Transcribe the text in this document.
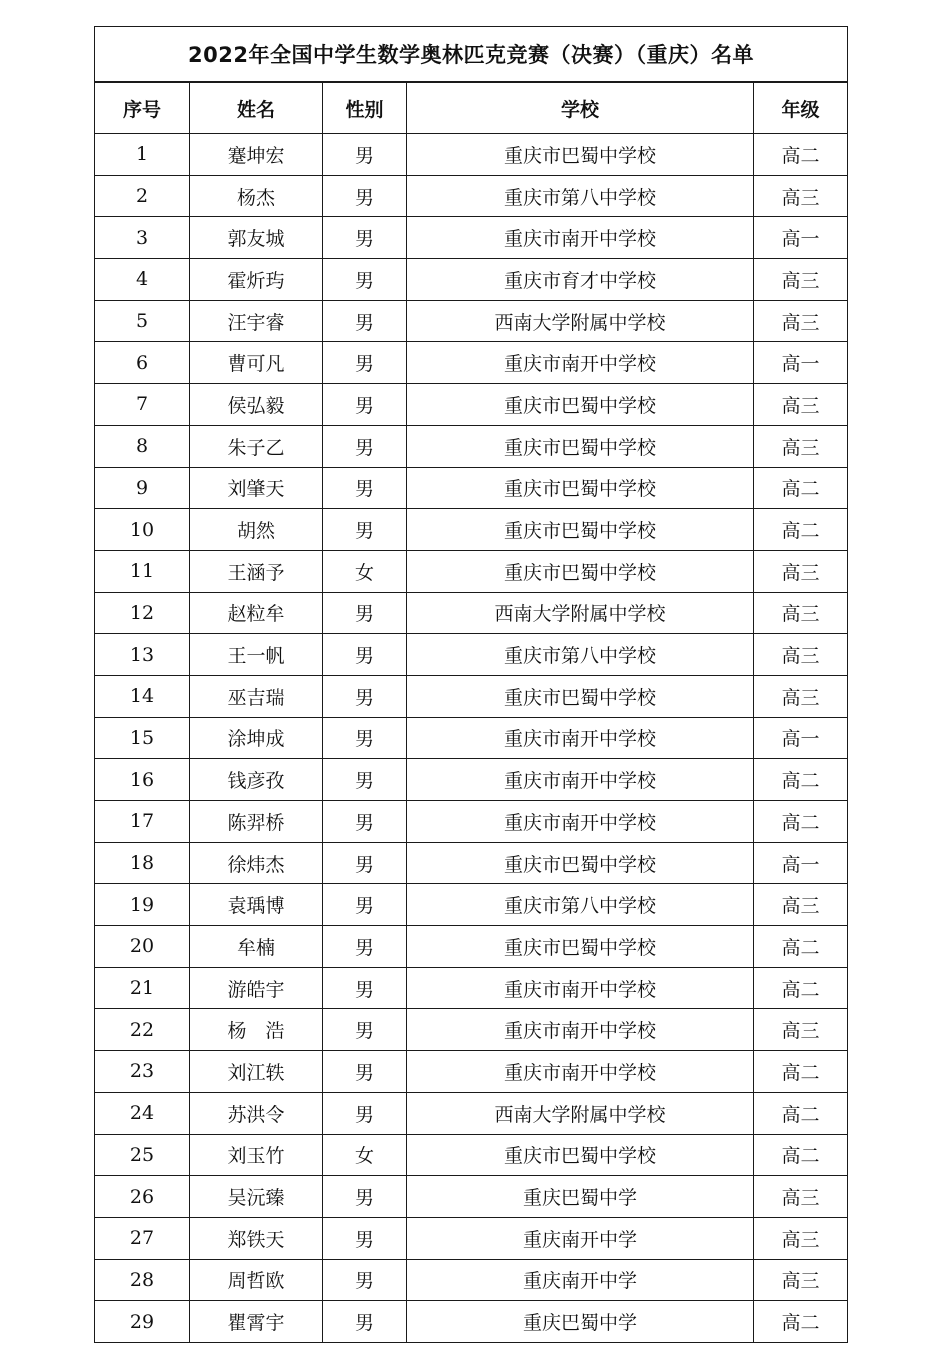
2022年全国中学生数学奥林匹克竞赛（决赛）（重庆）名单				
序号	姓名	性别	学校	年级
1	蹇坤宏	男	重庆市巴蜀中学校	高二
2	杨杰	男	重庆市第八中学校	高三
3	郭友城	男	重庆市南开中学校	高一
4	霍炘玙	男	重庆市育才中学校	高三
5	汪宇睿	男	西南大学附属中学校	高三
6	曹可凡	男	重庆市南开中学校	高一
7	侯弘毅	男	重庆市巴蜀中学校	高三
8	朱子乙	男	重庆市巴蜀中学校	高三
9	刘肇天	男	重庆市巴蜀中学校	高二
10	胡然	男	重庆市巴蜀中学校	高二
11	王涵予	女	重庆市巴蜀中学校	高三
12	赵粒牟	男	西南大学附属中学校	高三
13	王一帆	男	重庆市第八中学校	高三
14	巫吉瑞	男	重庆市巴蜀中学校	高三
15	涂坤成	男	重庆市南开中学校	高一
16	钱彦孜	男	重庆市南开中学校	高二
17	陈羿桥	男	重庆市南开中学校	高二
18	徐炜杰	男	重庆市巴蜀中学校	高一
19	袁瑀博	男	重庆市第八中学校	高三
20	牟楠	男	重庆市巴蜀中学校	高二
21	游皓宇	男	重庆市南开中学校	高二
22	杨　浩	男	重庆市南开中学校	高三
23	刘江轶	男	重庆市南开中学校	高二
24	苏洪令	男	西南大学附属中学校	高二
25	刘玉竹	女	重庆市巴蜀中学校	高二
26	吴沅臻	男	重庆巴蜀中学	高三
27	郑铁天	男	重庆南开中学	高三
28	周哲欧	男	重庆南开中学	高三
29	瞿霄宇	男	重庆巴蜀中学	高二
